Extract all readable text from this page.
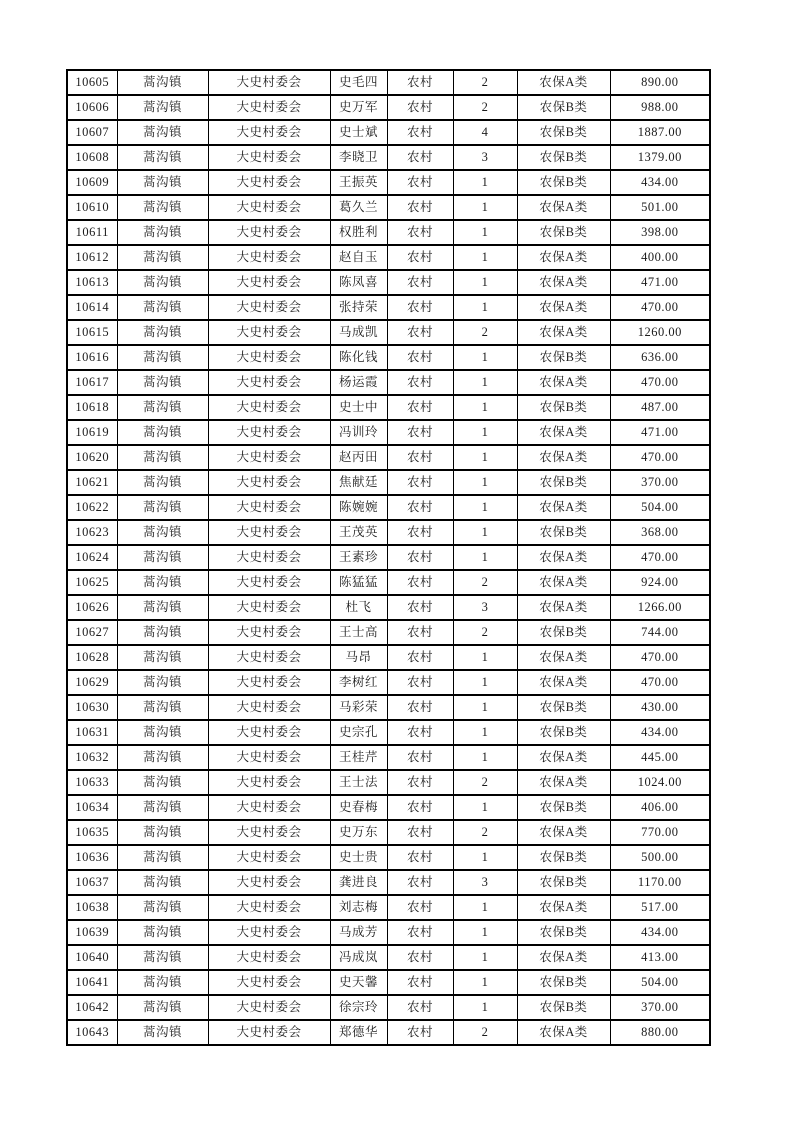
10605	蒿沟镇	大史村委会	史毛四	农村	2	农保A类	890.00
10606	蒿沟镇	大史村委会	史万军	农村	2	农保B类	988.00
10607	蒿沟镇	大史村委会	史士斌	农村	4	农保B类	1887.00
10608	蒿沟镇	大史村委会	李晓卫	农村	3	农保B类	1379.00
10609	蒿沟镇	大史村委会	王振英	农村	1	农保B类	434.00
10610	蒿沟镇	大史村委会	葛久兰	农村	1	农保A类	501.00
10611	蒿沟镇	大史村委会	权胜利	农村	1	农保B类	398.00
10612	蒿沟镇	大史村委会	赵自玉	农村	1	农保A类	400.00
10613	蒿沟镇	大史村委会	陈凤喜	农村	1	农保A类	471.00
10614	蒿沟镇	大史村委会	张持荣	农村	1	农保A类	470.00
10615	蒿沟镇	大史村委会	马成凯	农村	2	农保A类	1260.00
10616	蒿沟镇	大史村委会	陈化钱	农村	1	农保B类	636.00
10617	蒿沟镇	大史村委会	杨运霞	农村	1	农保A类	470.00
10618	蒿沟镇	大史村委会	史士中	农村	1	农保B类	487.00
10619	蒿沟镇	大史村委会	冯训玲	农村	1	农保A类	471.00
10620	蒿沟镇	大史村委会	赵丙田	农村	1	农保A类	470.00
10621	蒿沟镇	大史村委会	焦献廷	农村	1	农保B类	370.00
10622	蒿沟镇	大史村委会	陈婉婉	农村	1	农保A类	504.00
10623	蒿沟镇	大史村委会	王茂英	农村	1	农保B类	368.00
10624	蒿沟镇	大史村委会	王素珍	农村	1	农保A类	470.00
10625	蒿沟镇	大史村委会	陈猛猛	农村	2	农保A类	924.00
10626	蒿沟镇	大史村委会	杜飞	农村	3	农保A类	1266.00
10627	蒿沟镇	大史村委会	王士高	农村	2	农保B类	744.00
10628	蒿沟镇	大史村委会	马昂	农村	1	农保A类	470.00
10629	蒿沟镇	大史村委会	李树红	农村	1	农保A类	470.00
10630	蒿沟镇	大史村委会	马彩荣	农村	1	农保B类	430.00
10631	蒿沟镇	大史村委会	史宗孔	农村	1	农保B类	434.00
10632	蒿沟镇	大史村委会	王桂芹	农村	1	农保A类	445.00
10633	蒿沟镇	大史村委会	王士法	农村	2	农保A类	1024.00
10634	蒿沟镇	大史村委会	史春梅	农村	1	农保B类	406.00
10635	蒿沟镇	大史村委会	史万东	农村	2	农保A类	770.00
10636	蒿沟镇	大史村委会	史士贵	农村	1	农保B类	500.00
10637	蒿沟镇	大史村委会	龚进良	农村	3	农保B类	1170.00
10638	蒿沟镇	大史村委会	刘志梅	农村	1	农保A类	517.00
10639	蒿沟镇	大史村委会	马成芳	农村	1	农保B类	434.00
10640	蒿沟镇	大史村委会	冯成岚	农村	1	农保A类	413.00
10641	蒿沟镇	大史村委会	史天馨	农村	1	农保B类	504.00
10642	蒿沟镇	大史村委会	徐宗玲	农村	1	农保B类	370.00
10643	蒿沟镇	大史村委会	郑德华	农村	2	农保A类	880.00
